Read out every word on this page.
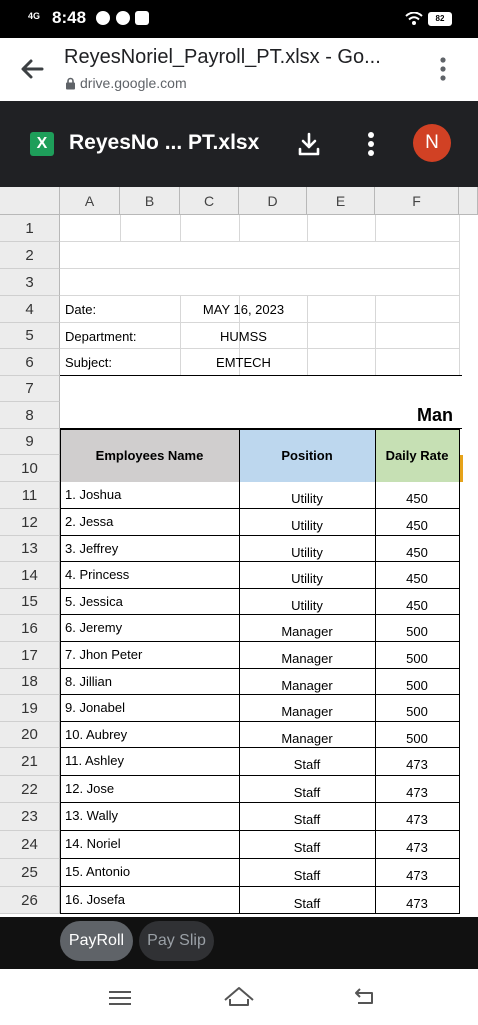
4G 8:48	82
ReyesNoriel_Payroll_PT.xlsx - Go...
drive.google.com
X	ReyesNo ... PT.xlsx	N
A	B	C	D	E	F
1
2
3
4
5
6
7
8
9
10
11
12
13
14
15
16
17
18
19
20
21
22
23
24
25
26
Date:	MAY 16, 2023
Department:	HUMSS
Subject:	EMTECH
Man
Employees Name	Position	Daily Rate
1. Joshua	Utility	450
2. Jessa	Utility	450
3. Jeffrey	Utility	450
4. Princess	Utility	450
5. Jessica	Utility	450
6. Jeremy	Manager	500
7. Jhon Peter	Manager	500
8. Jillian	Manager	500
9. Jonabel	Manager	500
10. Aubrey	Manager	500
11. Ashley	Staff	473
12. Jose	Staff	473
13. Wally	Staff	473
14. Noriel	Staff	473
15. Antonio	Staff	473
16. Josefa	Staff	473
PayRoll	Pay Slip
